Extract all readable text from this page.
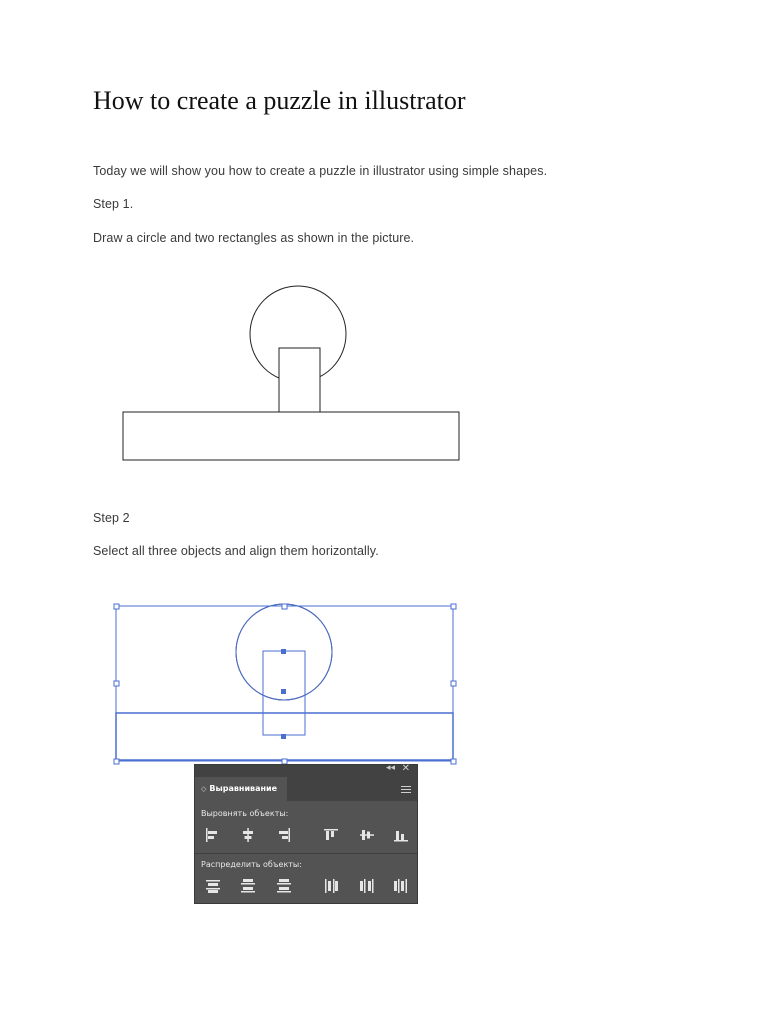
How to create a puzzle in illustrator

Today we will show you how to create a puzzle in illustrator using simple shapes.

Step 1.

Draw a circle and two rectangles as shown in the picture.

Step 2

Select all three objects and align them horizontally.

◂◂ ✕
◇ Выравнивание
Выровнять объекты:
Распределить объекты:
